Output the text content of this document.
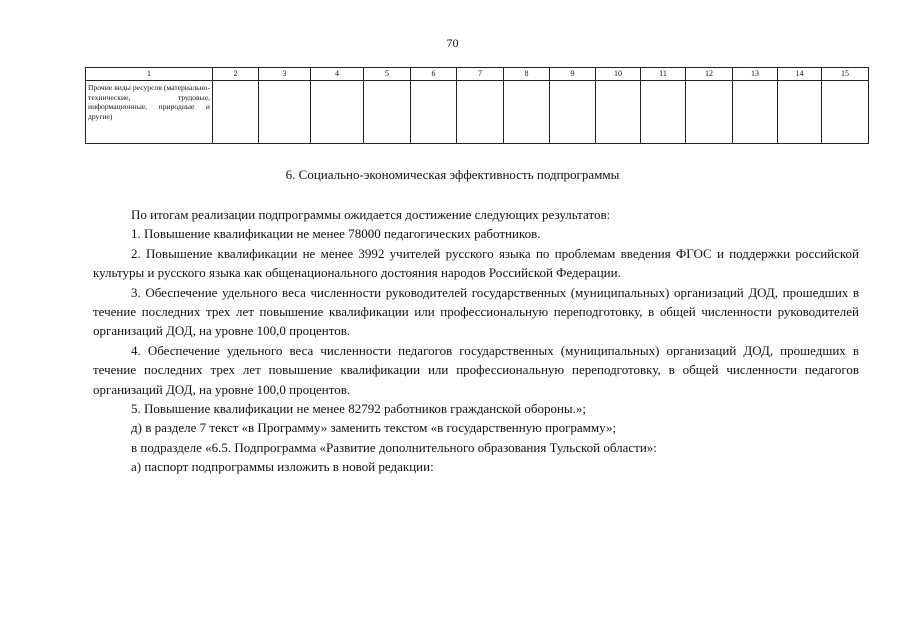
70
1	2	3	4	5	6	7	8	9	10	11	12	13	14	15

Прочие виды ресурсов (материально-технические, трудовые, информационные, природные и другие)														

6. Социально-экономическая эффективность подпрограммы

По итогам реализации подпрограммы ожидается достижение следующих результатов:

1. Повышение квалификации не менее 78000 педагогических работников.

2. Повышение квалификации не менее 3992 учителей русского языка по проблемам введения ФГОС и поддержки российской культуры и русского языка как общенационального достояния народов Российской Федерации.

3. Обеспечение удельного веса численности руководителей государственных (муниципальных) организаций ДОД, прошедших в течение последних трех лет повышение квалификации или профессиональную переподготовку, в общей численности руководителей организаций ДОД, на уровне 100,0 процентов.

4. Обеспечение удельного веса численности педагогов государственных (муниципальных) организаций ДОД, прошедших в течение последних трех лет повышение квалификации или профессиональную переподготовку, в общей численности педагогов организаций ДОД, на уровне 100,0 процентов.

5. Повышение квалификации не менее 82792 работников гражданской обороны.»;

д) в разделе 7 текст «в Программу» заменить текстом «в государственную программу»;

в подразделе «6.5. Подпрограмма «Развитие дополнительного образования Тульской области»:

а) паспорт подпрограммы изложить в новой редакции:
